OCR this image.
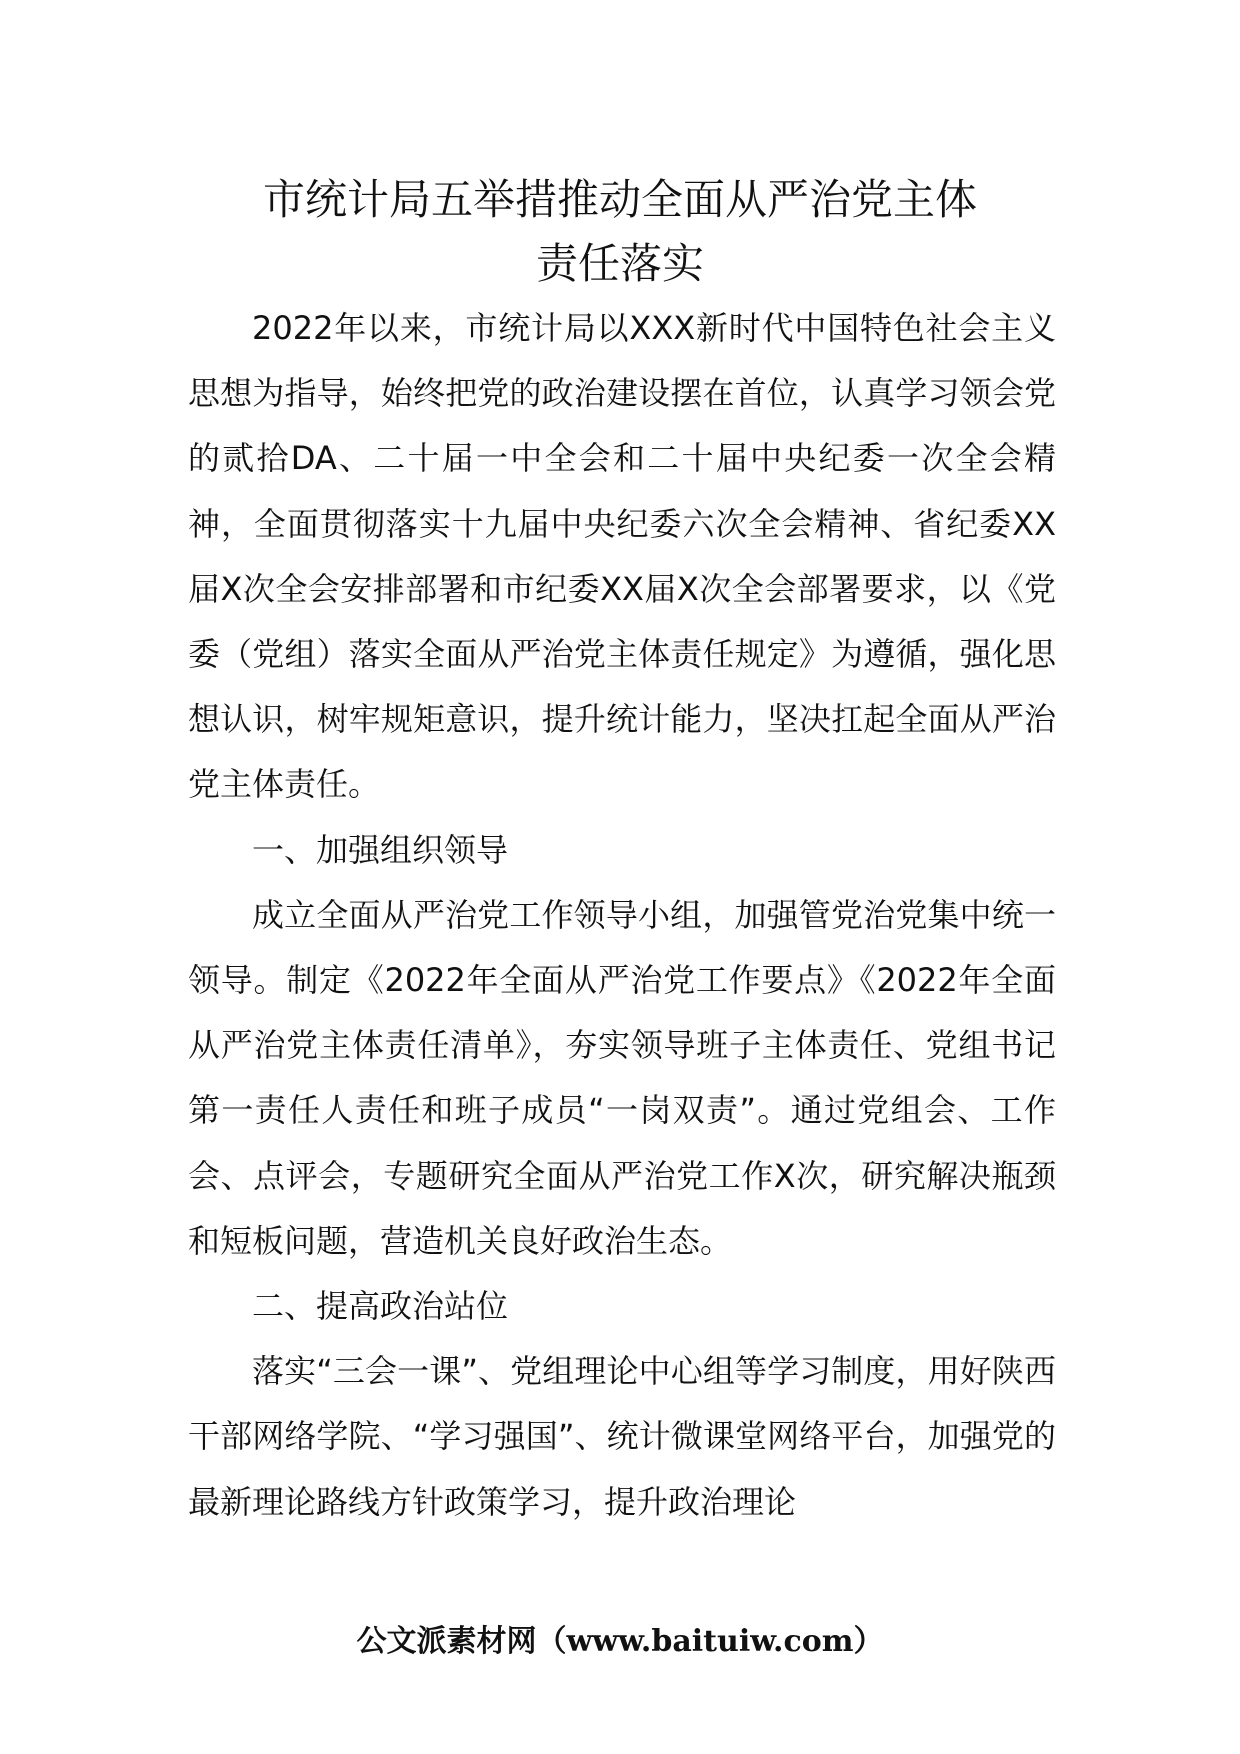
市统计局五举措推动全面从严治党主体
责任落实

2022年以来，市统计局以XXX新时代中国特色社会主义思想为指导，始终把党的政治建设摆在首位，认真学习领会党的贰拾DA、二十届一中全会和二十届中央纪委一次全会精神，全面贯彻落实十九届中央纪委六次全会精神、省纪委XX届X次全会安排部署和市纪委XX届X次全会部署要求，以《党委（党组）落实全面从严治党主体责任规定》为遵循，强化思想认识，树牢规矩意识，提升统计能力，坚决扛起全面从严治党主体责任。

一、加强组织领导

成立全面从严治党工作领导小组，加强管党治党集中统一领导。制定《2022年全面从严治党工作要点》《2022年全面从严治党主体责任清单》，夯实领导班子主体责任、党组书记第一责任人责任和班子成员“一岗双责”。通过党组会、工作会、点评会，专题研究全面从严治党工作X次，研究解决瓶颈和短板问题，营造机关良好政治生态。

二、提高政治站位

落实“三会一课”、党组理论中心组等学习制度，用好陕西干部网络学院、“学习强国”、统计微课堂网络平台，加强党的最新理论路线方针政策学习，提升政治理论

公文派素材网（www.baituiw.com）
